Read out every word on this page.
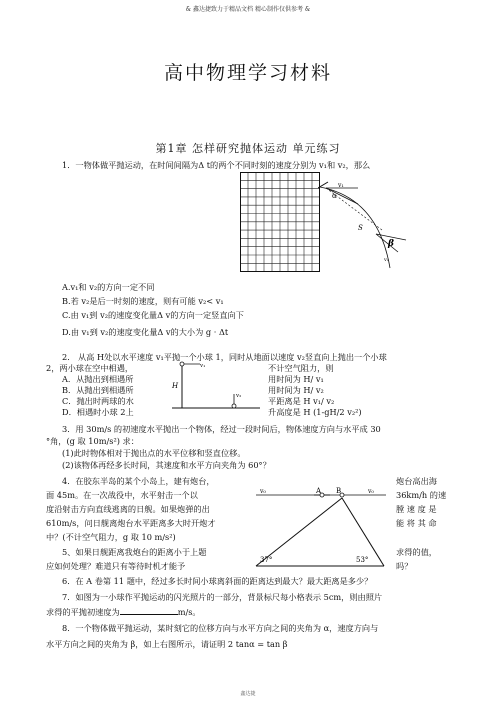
& 鑫达捷致力于精品文档 精心制作仅供参考 &
高中物理学习材料
第1章 怎样研究抛体运动 单元练习
1．一物体做平抛运动，在时间间隔为Δ t的两个不同时刻的速度分别为 v₁和 v₂，那么
v₁
α
S
β
v₂
A.v₁和 v₂的方向一定不同
B.若 v₂是后一时刻的速度，则有可能 v₂< v₁
C.由 v₁到 v₂的速度变化量Δ v的方向一定竖直向下
D.由 v₁到 v₂的速度变化量Δ v的大小为 g · Δt
2． 从高 H处以水平速度 v₁平抛一个小球 1，同时从地面以速度 v₂竖直向上抛出一个小球
2，两小球在空中相遇，
A．从抛出到相遇所
B．从抛出到相遇所
C．抛出时两球的水
D．相遇时小球 2上
不计空气阻力，则
用时间为 H/ v₁
用时间为 H/ v₂
平距离是 H v₁/ v₂
升高度是 H (1-gH/2 v₂²)
v₁
H
v₂
3．用 30m/s 的初速度水平抛出一个物体，经过一段时间后，物体速度方向与水平成 30
°角，(g 取 10m/s²) 求：
(1)此时物体相对于抛出点的水平位移和竖直位移。
(2)该物体再经多长时间，其速度和水平方向夹角为 60°？
4．在胶东半岛的某个小岛上，建有炮台，
面 45m。在一次战役中，水平射击一个以
度沿射击方向直线逃离的日舰。如果炮弹的出
610m/s，问日舰离炮台水平距离多大时开炮才
中？(不计空气阻力，g 取 10 m/s²)
炮台高出海
36km/h 的速
膛 速 度 是
能 将 其 命
v₀	A B	v₀
37°	53°
5、如果日舰距离我炮台的距离小于上题
应如何处理？难道只有等待时机才能予
求得的值，
吗？
6．在 A 卷第 11 题中，经过多长时间小球离斜面的距离达到最大？最大距离是多少？
7．如图为一小球作平抛运动的闪光照片的一部分，背景标尺每小格表示 5cm，则由照片
求得的平抛初速度为	m/s。
8．一个物体做平抛运动，某时刻它的位移方向与水平方向之间的夹角为 α，速度方向与
水平方向之间的夹角为 β，如上右图所示，请证明 2 tanα = tan β
鑫达捷
